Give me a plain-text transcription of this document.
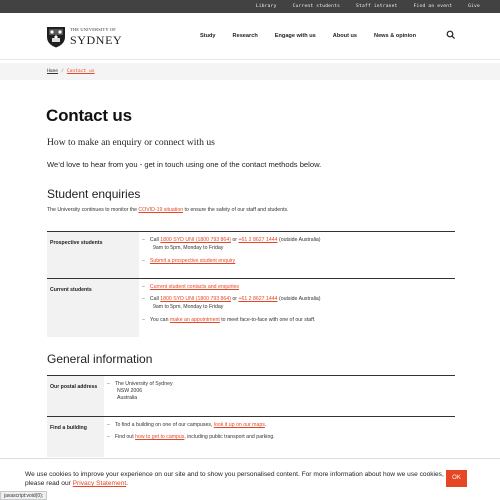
Library	Current students	Staff intranet	Find an event	Give
THE UNIVERSITY OF
SYDNEY	Study	Research	Engage with us	About us	News & opinion
Home / Contact us
Contact us
How to make an enquiry or connect with us
We’d love to hear from you - get in touch using one of the contact methods below.
Student enquiries
The University continues to monitor the COVID-19 situation to ensure the safety of our staff and students.
Prospective students	– Call 1800 SYD UNI (1800 793 864) or +61 2 8627 1444 (outside Australia)
9am to 5pm, Monday to Friday
– Submit a prospective student enquiry
Current students	– Current student contacts and enquiries
– Call 1800 SYD UNI (1800 793 864) or +61 2 8627 1444 (outside Australia)
9am to 5pm, Monday to Friday
– You can make an appointment to meet face-to-face with one of our staff.
General information
Our postal address	– The University of Sydney
NSW 2006
Australia
Find a building	– To find a building on one of our campuses, look it up on our maps.
– Find out how to get to campus, including public transport and parking.
We use cookies to improve your experience on our site and to show you personalised content. For more information about how we use cookies, please read our Privacy Statement.
OK
javascript:void(0);
